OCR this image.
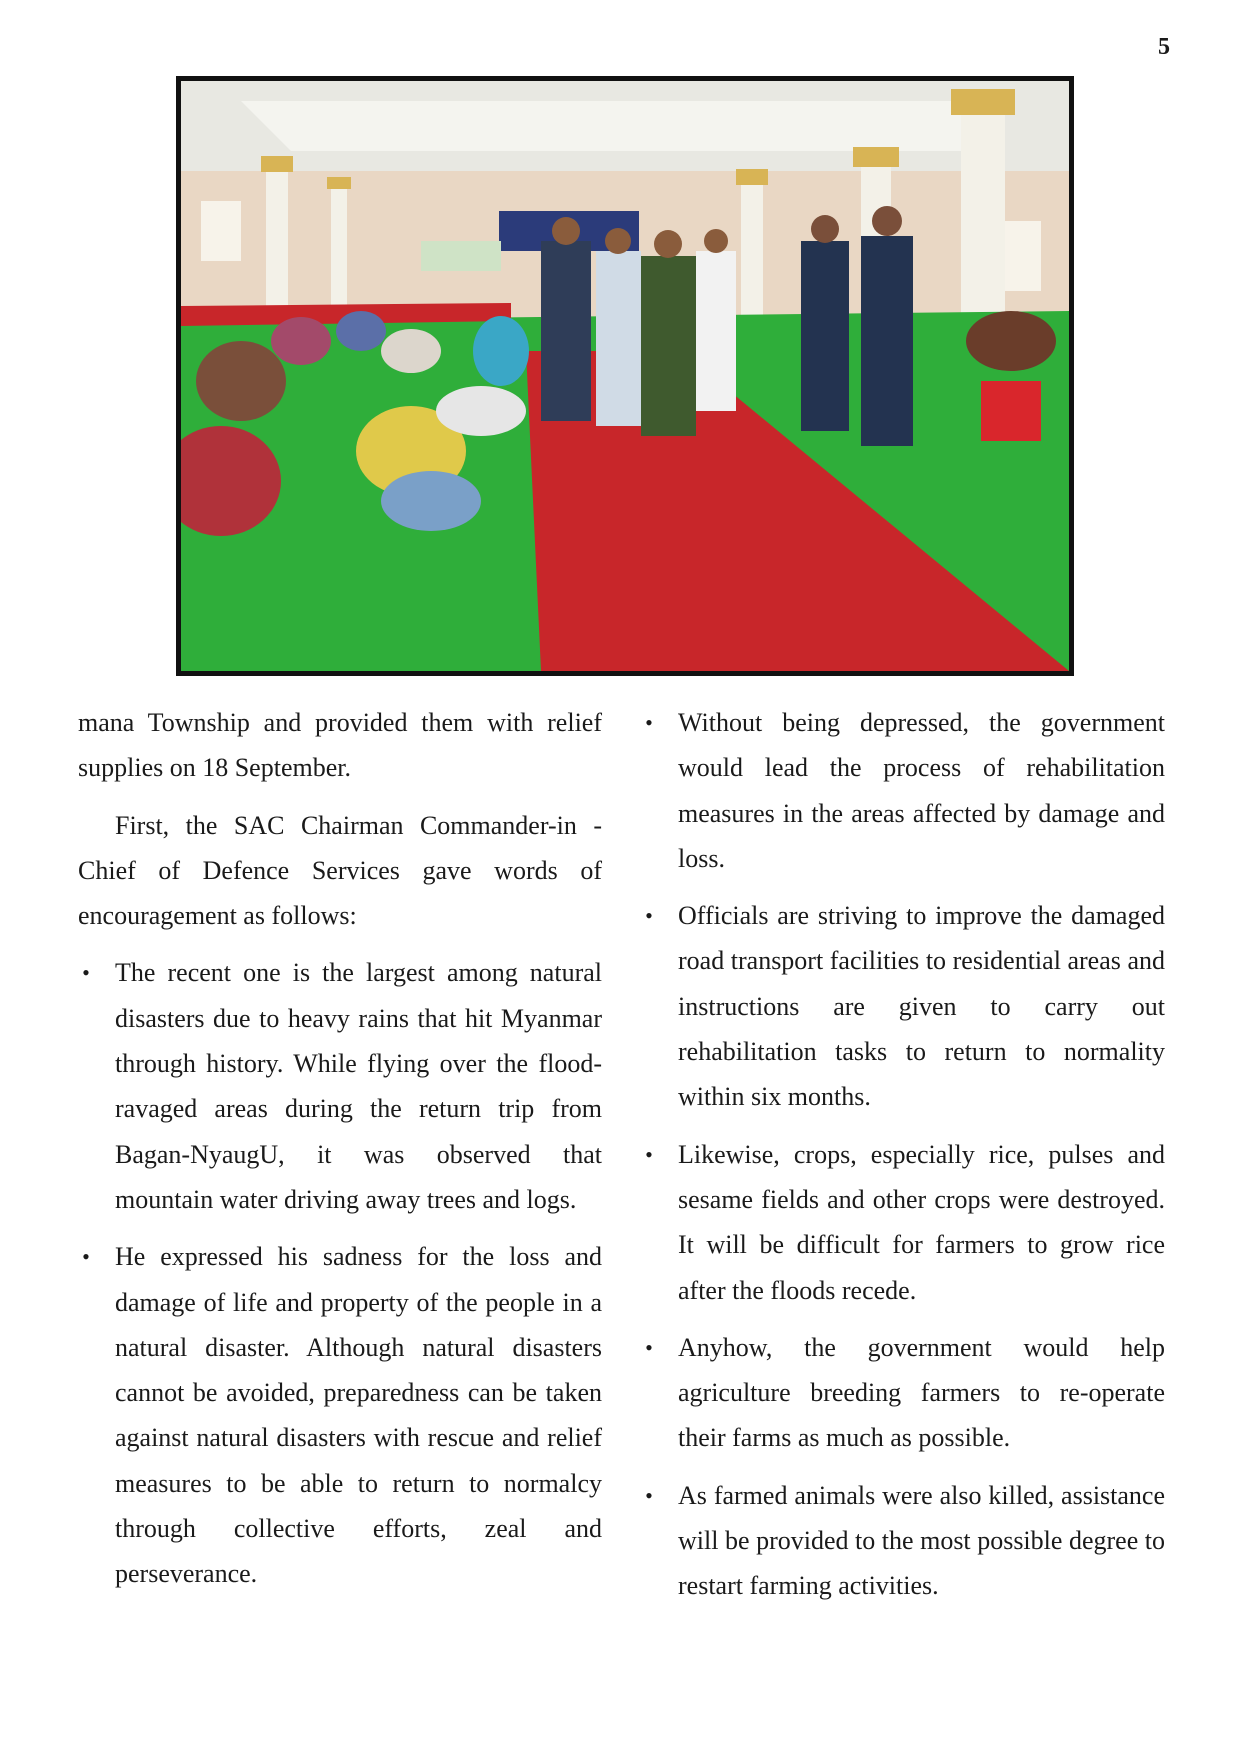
5

mana Township and provided them with relief supplies on 18 September.

First, the SAC Chairman Commander-in -Chief of Defence Services gave words of encouragement as follows:

• The recent one is the largest among natural disasters due to heavy rains that hit Myanmar through history. While flying over the flood-ravaged areas during the return trip from Bagan-NyaugU, it was observed that mountain water driving away trees and logs.
• He expressed his sadness for the loss and damage of life and property of the people in a natural disaster. Although natural disasters cannot be avoided, preparedness can be taken against natural disasters with rescue and relief measures to be able to return to normalcy through collective efforts, zeal and perseverance.
• Without being depressed, the government would lead the process of rehabilitation measures in the areas affected by damage and loss.
• Officials are striving to improve the damaged road transport facilities to residential areas and instructions are given to carry out rehabilitation tasks to return to normality within six months.
• Likewise, crops, especially rice, pulses and sesame fields and other crops were destroyed. It will be difficult for farmers to grow rice after the floods recede.
• Anyhow, the government would help agriculture breeding farmers to re-operate their farms as much as possible.
• As farmed animals were also killed, assistance will be provided to the most possible degree to restart farming activities.
